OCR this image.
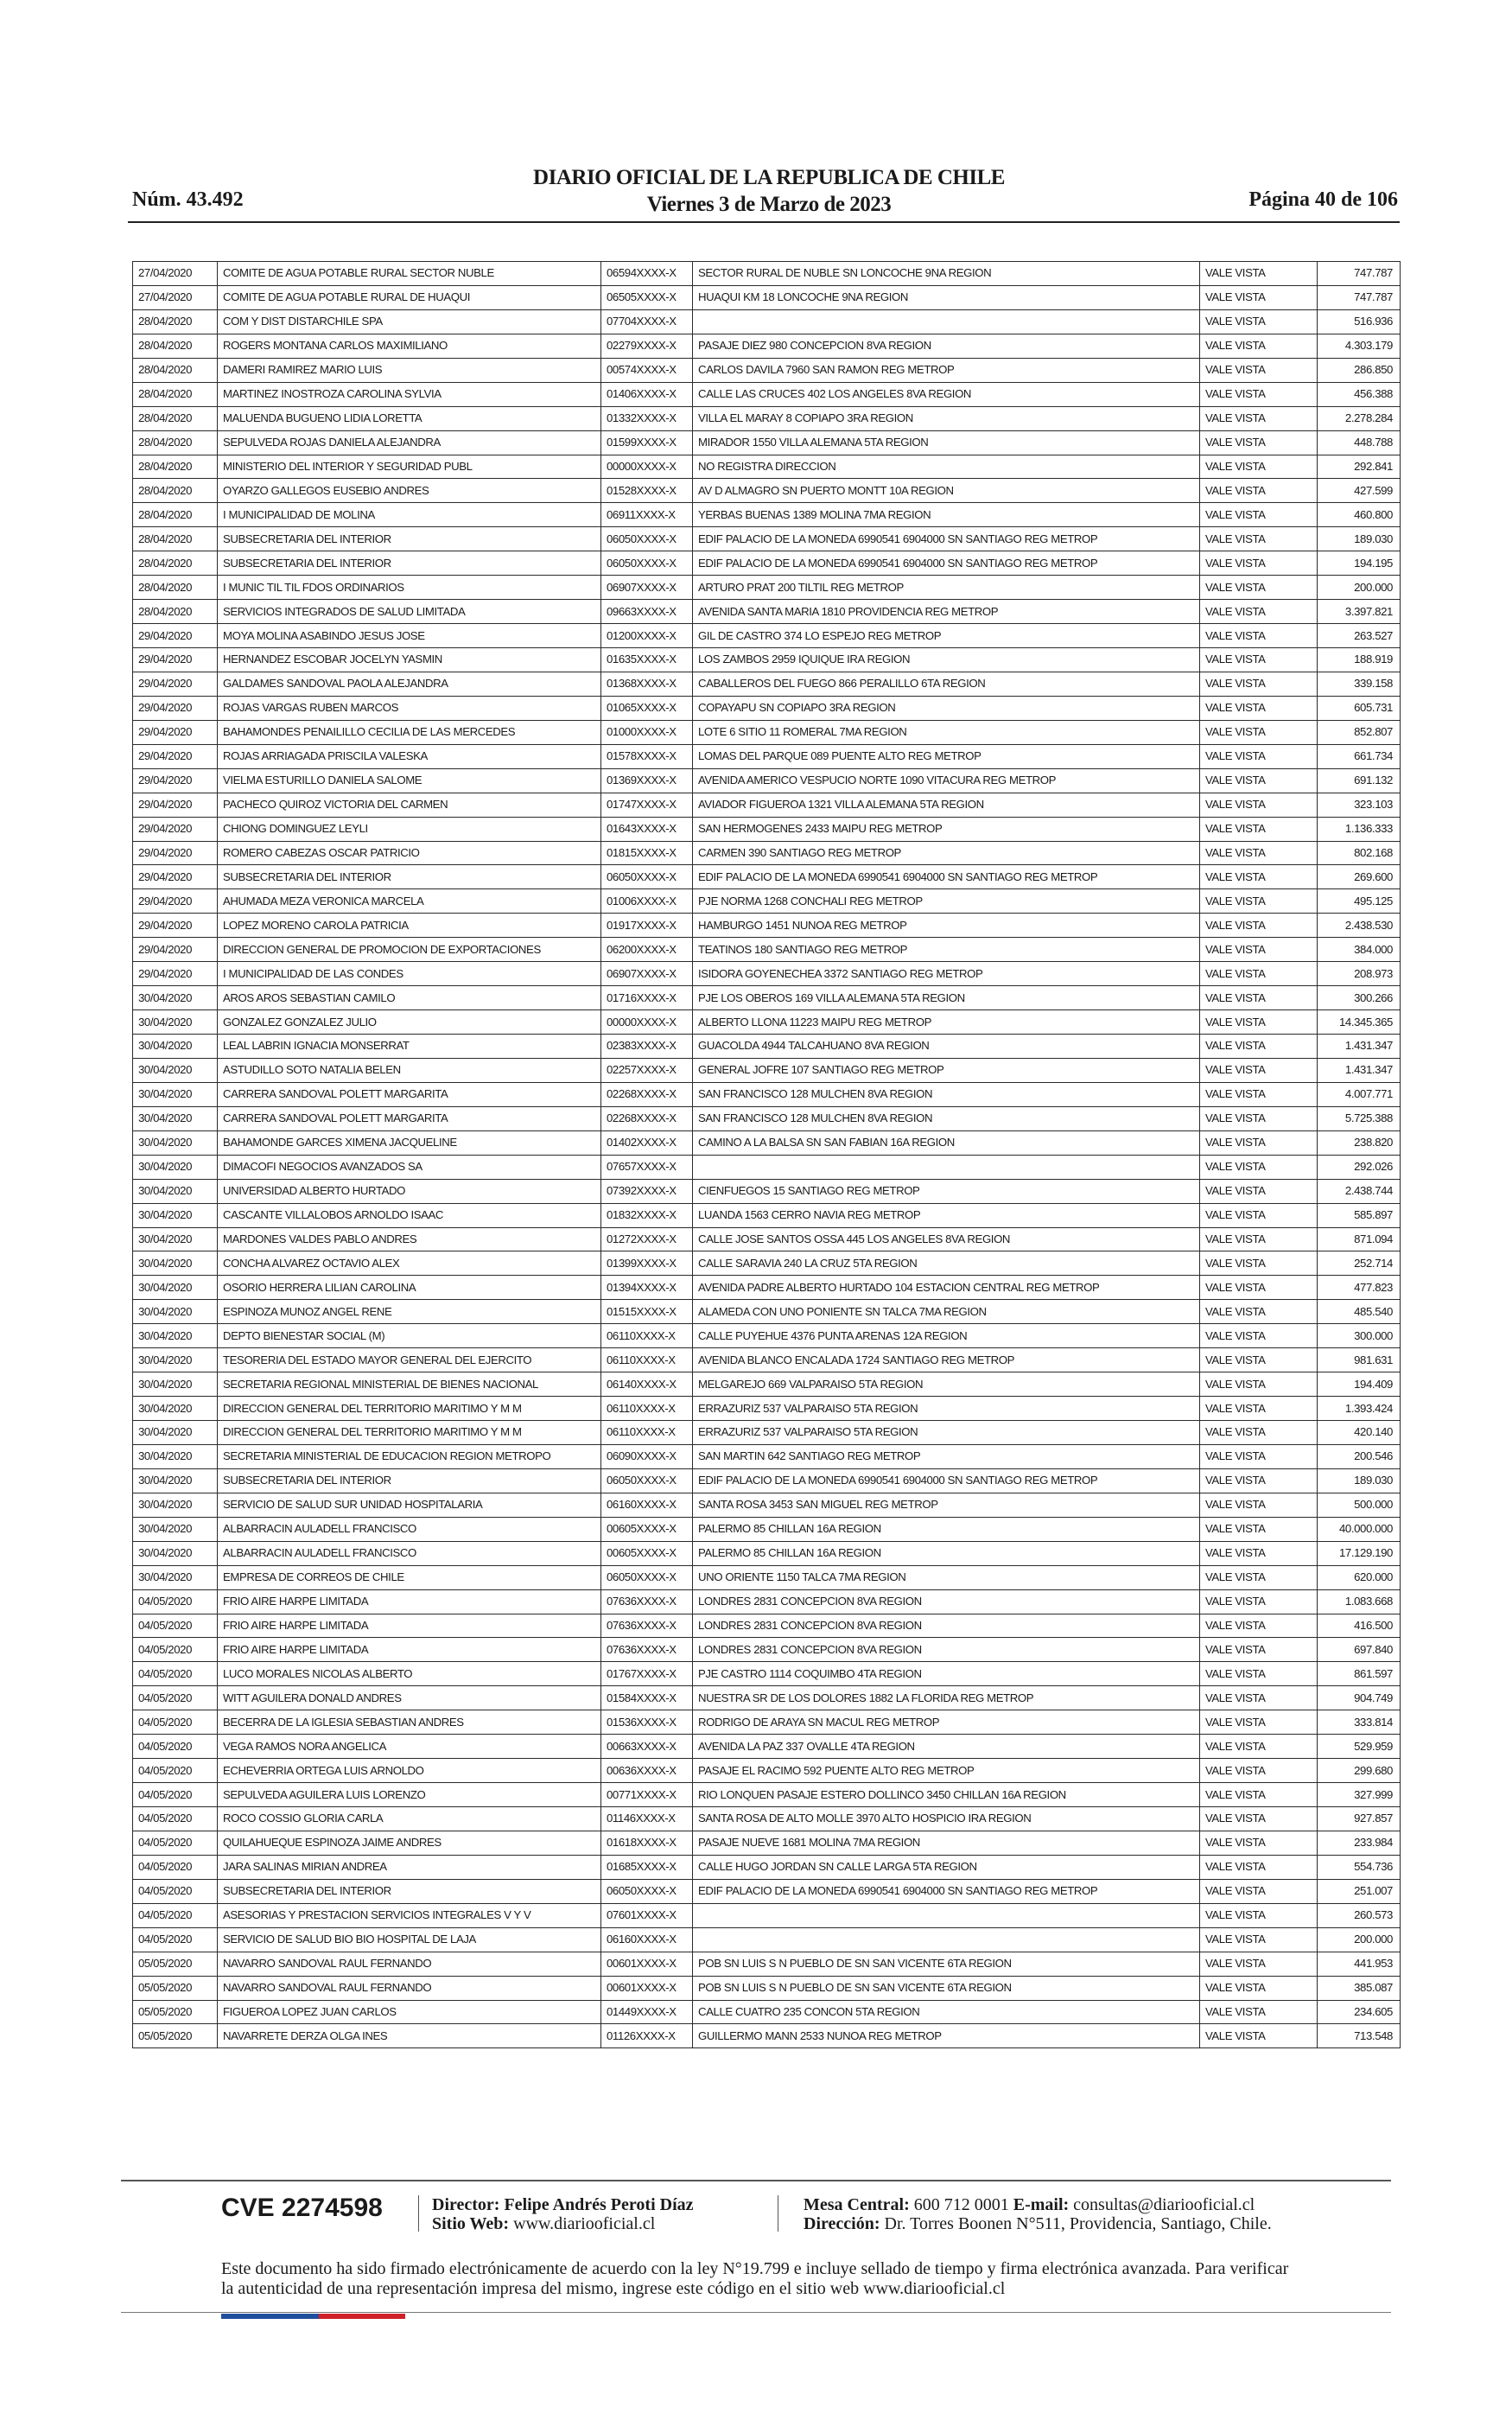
Núm. 43.492
DIARIO OFICIAL DE LA REPUBLICA DE CHILE
Viernes 3 de Marzo de 2023	Página 40 de 106
27/04/2020	COMITE DE AGUA POTABLE RURAL SECTOR NUBLE	06594XXXX-X	SECTOR RURAL DE NUBLE SN LONCOCHE 9NA REGION	VALE VISTA	747.787
27/04/2020	COMITE DE AGUA POTABLE RURAL DE HUAQUI	06505XXXX-X	HUAQUI KM 18 LONCOCHE 9NA REGION	VALE VISTA	747.787
28/04/2020	COM Y DIST DISTARCHILE SPA	07704XXXX-X		VALE VISTA	516.936
28/04/2020	ROGERS MONTANA CARLOS MAXIMILIANO	02279XXXX-X	PASAJE DIEZ 980 CONCEPCION 8VA REGION	VALE VISTA	4.303.179
28/04/2020	DAMERI RAMIREZ MARIO LUIS	00574XXXX-X	CARLOS DAVILA 7960 SAN RAMON REG METROP	VALE VISTA	286.850
28/04/2020	MARTINEZ INOSTROZA CAROLINA SYLVIA	01406XXXX-X	CALLE LAS CRUCES 402 LOS ANGELES 8VA REGION	VALE VISTA	456.388
28/04/2020	MALUENDA BUGUENO LIDIA LORETTA	01332XXXX-X	VILLA EL MARAY 8 COPIAPO 3RA REGION	VALE VISTA	2.278.284
28/04/2020	SEPULVEDA ROJAS DANIELA ALEJANDRA	01599XXXX-X	MIRADOR 1550 VILLA ALEMANA 5TA REGION	VALE VISTA	448.788
28/04/2020	MINISTERIO DEL INTERIOR Y SEGURIDAD PUBL	00000XXXX-X	NO REGISTRA DIRECCION	VALE VISTA	292.841
28/04/2020	OYARZO GALLEGOS EUSEBIO ANDRES	01528XXXX-X	AV D ALMAGRO SN PUERTO MONTT 10A REGION	VALE VISTA	427.599
28/04/2020	I MUNICIPALIDAD DE MOLINA	06911XXXX-X	YERBAS BUENAS 1389 MOLINA 7MA REGION	VALE VISTA	460.800
28/04/2020	SUBSECRETARIA DEL INTERIOR	06050XXXX-X	EDIF PALACIO DE LA MONEDA 6990541 6904000 SN SANTIAGO REG METROP	VALE VISTA	189.030
28/04/2020	SUBSECRETARIA DEL INTERIOR	06050XXXX-X	EDIF PALACIO DE LA MONEDA 6990541 6904000 SN SANTIAGO REG METROP	VALE VISTA	194.195
28/04/2020	I MUNIC TIL TIL FDOS ORDINARIOS	06907XXXX-X	ARTURO PRAT 200 TILTIL REG METROP	VALE VISTA	200.000
28/04/2020	SERVICIOS INTEGRADOS DE SALUD LIMITADA	09663XXXX-X	AVENIDA SANTA MARIA 1810 PROVIDENCIA REG METROP	VALE VISTA	3.397.821
29/04/2020	MOYA MOLINA ASABINDO JESUS JOSE	01200XXXX-X	GIL DE CASTRO 374 LO ESPEJO REG METROP	VALE VISTA	263.527
29/04/2020	HERNANDEZ ESCOBAR JOCELYN YASMIN	01635XXXX-X	LOS ZAMBOS 2959 IQUIQUE IRA REGION	VALE VISTA	188.919
29/04/2020	GALDAMES SANDOVAL PAOLA ALEJANDRA	01368XXXX-X	CABALLEROS DEL FUEGO 866 PERALILLO 6TA REGION	VALE VISTA	339.158
29/04/2020	ROJAS VARGAS RUBEN MARCOS	01065XXXX-X	COPAYAPU SN COPIAPO 3RA REGION	VALE VISTA	605.731
29/04/2020	BAHAMONDES PENAILILLO CECILIA DE LAS MERCEDES	01000XXXX-X	LOTE 6 SITIO 11 ROMERAL 7MA REGION	VALE VISTA	852.807
29/04/2020	ROJAS ARRIAGADA PRISCILA VALESKA	01578XXXX-X	LOMAS DEL PARQUE 089 PUENTE ALTO REG METROP	VALE VISTA	661.734
29/04/2020	VIELMA ESTURILLO DANIELA SALOME	01369XXXX-X	AVENIDA AMERICO VESPUCIO NORTE 1090 VITACURA REG METROP	VALE VISTA	691.132
29/04/2020	PACHECO QUIROZ VICTORIA DEL CARMEN	01747XXXX-X	AVIADOR FIGUEROA 1321 VILLA ALEMANA 5TA REGION	VALE VISTA	323.103
29/04/2020	CHIONG DOMINGUEZ LEYLI	01643XXXX-X	SAN HERMOGENES 2433 MAIPU REG METROP	VALE VISTA	1.136.333
29/04/2020	ROMERO CABEZAS OSCAR PATRICIO	01815XXXX-X	CARMEN 390 SANTIAGO REG METROP	VALE VISTA	802.168
29/04/2020	SUBSECRETARIA DEL INTERIOR	06050XXXX-X	EDIF PALACIO DE LA MONEDA 6990541 6904000 SN SANTIAGO REG METROP	VALE VISTA	269.600
29/04/2020	AHUMADA MEZA VERONICA MARCELA	01006XXXX-X	PJE NORMA 1268 CONCHALI REG METROP	VALE VISTA	495.125
29/04/2020	LOPEZ MORENO CAROLA PATRICIA	01917XXXX-X	HAMBURGO 1451 NUNOA REG METROP	VALE VISTA	2.438.530
29/04/2020	DIRECCION GENERAL DE PROMOCION DE EXPORTACIONES	06200XXXX-X	TEATINOS 180 SANTIAGO REG METROP	VALE VISTA	384.000
29/04/2020	I MUNICIPALIDAD DE LAS CONDES	06907XXXX-X	ISIDORA GOYENECHEA 3372 SANTIAGO REG METROP	VALE VISTA	208.973
30/04/2020	AROS AROS SEBASTIAN CAMILO	01716XXXX-X	PJE LOS OBEROS 169 VILLA ALEMANA 5TA REGION	VALE VISTA	300.266
30/04/2020	GONZALEZ GONZALEZ JULIO	00000XXXX-X	ALBERTO LLONA 11223 MAIPU REG METROP	VALE VISTA	14.345.365
30/04/2020	LEAL LABRIN IGNACIA MONSERRAT	02383XXXX-X	GUACOLDA 4944 TALCAHUANO 8VA REGION	VALE VISTA	1.431.347
30/04/2020	ASTUDILLO SOTO NATALIA BELEN	02257XXXX-X	GENERAL JOFRE 107 SANTIAGO REG METROP	VALE VISTA	1.431.347
30/04/2020	CARRERA SANDOVAL POLETT MARGARITA	02268XXXX-X	SAN FRANCISCO 128 MULCHEN 8VA REGION	VALE VISTA	4.007.771
30/04/2020	CARRERA SANDOVAL POLETT MARGARITA	02268XXXX-X	SAN FRANCISCO 128 MULCHEN 8VA REGION	VALE VISTA	5.725.388
30/04/2020	BAHAMONDE GARCES XIMENA JACQUELINE	01402XXXX-X	CAMINO A LA BALSA SN SAN FABIAN 16A REGION	VALE VISTA	238.820
30/04/2020	DIMACOFI NEGOCIOS AVANZADOS SA	07657XXXX-X		VALE VISTA	292.026
30/04/2020	UNIVERSIDAD ALBERTO HURTADO	07392XXXX-X	CIENFUEGOS 15 SANTIAGO REG METROP	VALE VISTA	2.438.744
30/04/2020	CASCANTE VILLALOBOS ARNOLDO ISAAC	01832XXXX-X	LUANDA 1563 CERRO NAVIA REG METROP	VALE VISTA	585.897
30/04/2020	MARDONES VALDES PABLO ANDRES	01272XXXX-X	CALLE JOSE SANTOS OSSA 445 LOS ANGELES 8VA REGION	VALE VISTA	871.094
30/04/2020	CONCHA ALVAREZ OCTAVIO ALEX	01399XXXX-X	CALLE SARAVIA 240 LA CRUZ 5TA REGION	VALE VISTA	252.714
30/04/2020	OSORIO HERRERA LILIAN CAROLINA	01394XXXX-X	AVENIDA PADRE ALBERTO HURTADO 104 ESTACION CENTRAL REG METROP	VALE VISTA	477.823
30/04/2020	ESPINOZA MUNOZ ANGEL RENE	01515XXXX-X	ALAMEDA CON UNO PONIENTE SN TALCA 7MA REGION	VALE VISTA	485.540
30/04/2020	DEPTO BIENESTAR SOCIAL (M)	06110XXXX-X	CALLE PUYEHUE 4376 PUNTA ARENAS 12A REGION	VALE VISTA	300.000
30/04/2020	TESORERIA DEL ESTADO MAYOR GENERAL DEL EJERCITO	06110XXXX-X	AVENIDA BLANCO ENCALADA 1724 SANTIAGO REG METROP	VALE VISTA	981.631
30/04/2020	SECRETARIA REGIONAL MINISTERIAL DE BIENES NACIONAL	06140XXXX-X	MELGAREJO 669 VALPARAISO 5TA REGION	VALE VISTA	194.409
30/04/2020	DIRECCION GENERAL DEL TERRITORIO MARITIMO Y M M	06110XXXX-X	ERRAZURIZ 537 VALPARAISO 5TA REGION	VALE VISTA	1.393.424
30/04/2020	DIRECCION GENERAL DEL TERRITORIO MARITIMO Y M M	06110XXXX-X	ERRAZURIZ 537 VALPARAISO 5TA REGION	VALE VISTA	420.140
30/04/2020	SECRETARIA MINISTERIAL DE EDUCACION REGION METROPO	06090XXXX-X	SAN MARTIN 642 SANTIAGO REG METROP	VALE VISTA	200.546
30/04/2020	SUBSECRETARIA DEL INTERIOR	06050XXXX-X	EDIF PALACIO DE LA MONEDA 6990541 6904000 SN SANTIAGO REG METROP	VALE VISTA	189.030
30/04/2020	SERVICIO DE SALUD SUR UNIDAD HOSPITALARIA	06160XXXX-X	SANTA ROSA 3453 SAN MIGUEL REG METROP	VALE VISTA	500.000
30/04/2020	ALBARRACIN AULADELL FRANCISCO	00605XXXX-X	PALERMO 85 CHILLAN 16A REGION	VALE VISTA	40.000.000
30/04/2020	ALBARRACIN AULADELL FRANCISCO	00605XXXX-X	PALERMO 85 CHILLAN 16A REGION	VALE VISTA	17.129.190
30/04/2020	EMPRESA DE CORREOS DE CHILE	06050XXXX-X	UNO ORIENTE 1150 TALCA 7MA REGION	VALE VISTA	620.000
04/05/2020	FRIO AIRE HARPE LIMITADA	07636XXXX-X	LONDRES 2831 CONCEPCION 8VA REGION	VALE VISTA	1.083.668
04/05/2020	FRIO AIRE HARPE LIMITADA	07636XXXX-X	LONDRES 2831 CONCEPCION 8VA REGION	VALE VISTA	416.500
04/05/2020	FRIO AIRE HARPE LIMITADA	07636XXXX-X	LONDRES 2831 CONCEPCION 8VA REGION	VALE VISTA	697.840
04/05/2020	LUCO MORALES NICOLAS ALBERTO	01767XXXX-X	PJE CASTRO 1114 COQUIMBO 4TA REGION	VALE VISTA	861.597
04/05/2020	WITT AGUILERA DONALD ANDRES	01584XXXX-X	NUESTRA SR DE LOS DOLORES 1882 LA FLORIDA REG METROP	VALE VISTA	904.749
04/05/2020	BECERRA DE LA IGLESIA SEBASTIAN ANDRES	01536XXXX-X	RODRIGO DE ARAYA SN MACUL REG METROP	VALE VISTA	333.814
04/05/2020	VEGA RAMOS NORA ANGELICA	00663XXXX-X	AVENIDA LA PAZ 337 OVALLE 4TA REGION	VALE VISTA	529.959
04/05/2020	ECHEVERRIA ORTEGA LUIS ARNOLDO	00636XXXX-X	PASAJE EL RACIMO 592 PUENTE ALTO REG METROP	VALE VISTA	299.680
04/05/2020	SEPULVEDA AGUILERA LUIS LORENZO	00771XXXX-X	RIO LONQUEN PASAJE ESTERO DOLLINCO 3450 CHILLAN 16A REGION	VALE VISTA	327.999
04/05/2020	ROCO COSSIO GLORIA CARLA	01146XXXX-X	SANTA ROSA DE ALTO MOLLE 3970 ALTO HOSPICIO IRA REGION	VALE VISTA	927.857
04/05/2020	QUILAHUEQUE ESPINOZA JAIME ANDRES	01618XXXX-X	PASAJE NUEVE 1681 MOLINA 7MA REGION	VALE VISTA	233.984
04/05/2020	JARA SALINAS MIRIAN ANDREA	01685XXXX-X	CALLE HUGO JORDAN SN CALLE LARGA 5TA REGION	VALE VISTA	554.736
04/05/2020	SUBSECRETARIA DEL INTERIOR	06050XXXX-X	EDIF PALACIO DE LA MONEDA 6990541 6904000 SN SANTIAGO REG METROP	VALE VISTA	251.007
04/05/2020	ASESORIAS Y PRESTACION SERVICIOS INTEGRALES V Y V	07601XXXX-X		VALE VISTA	260.573
04/05/2020	SERVICIO DE SALUD BIO BIO HOSPITAL DE LAJA	06160XXXX-X		VALE VISTA	200.000
05/05/2020	NAVARRO SANDOVAL RAUL FERNANDO	00601XXXX-X	POB SN LUIS S N PUEBLO DE SN SAN VICENTE 6TA REGION	VALE VISTA	441.953
05/05/2020	NAVARRO SANDOVAL RAUL FERNANDO	00601XXXX-X	POB SN LUIS S N PUEBLO DE SN SAN VICENTE 6TA REGION	VALE VISTA	385.087
05/05/2020	FIGUEROA LOPEZ JUAN CARLOS	01449XXXX-X	CALLE CUATRO 235 CONCON 5TA REGION	VALE VISTA	234.605
05/05/2020	NAVARRETE DERZA OLGA INES	01126XXXX-X	GUILLERMO MANN 2533 NUNOA REG METROP	VALE VISTA	713.548
CVE 2274598	Director: Felipe Andrés Peroti Díaz
Sitio Web: www.diariooficial.cl
Mesa Central: 600 712 0001 E-mail: consultas@diariooficial.cl
Dirección: Dr. Torres Boonen N°511, Providencia, Santiago, Chile.
Este documento ha sido firmado electrónicamente de acuerdo con la ley N°19.799 e incluye sellado de tiempo y firma electrónica avanzada. Para verificar la autenticidad de una representación impresa del mismo, ingrese este código en el sitio web www.diariooficial.cl
